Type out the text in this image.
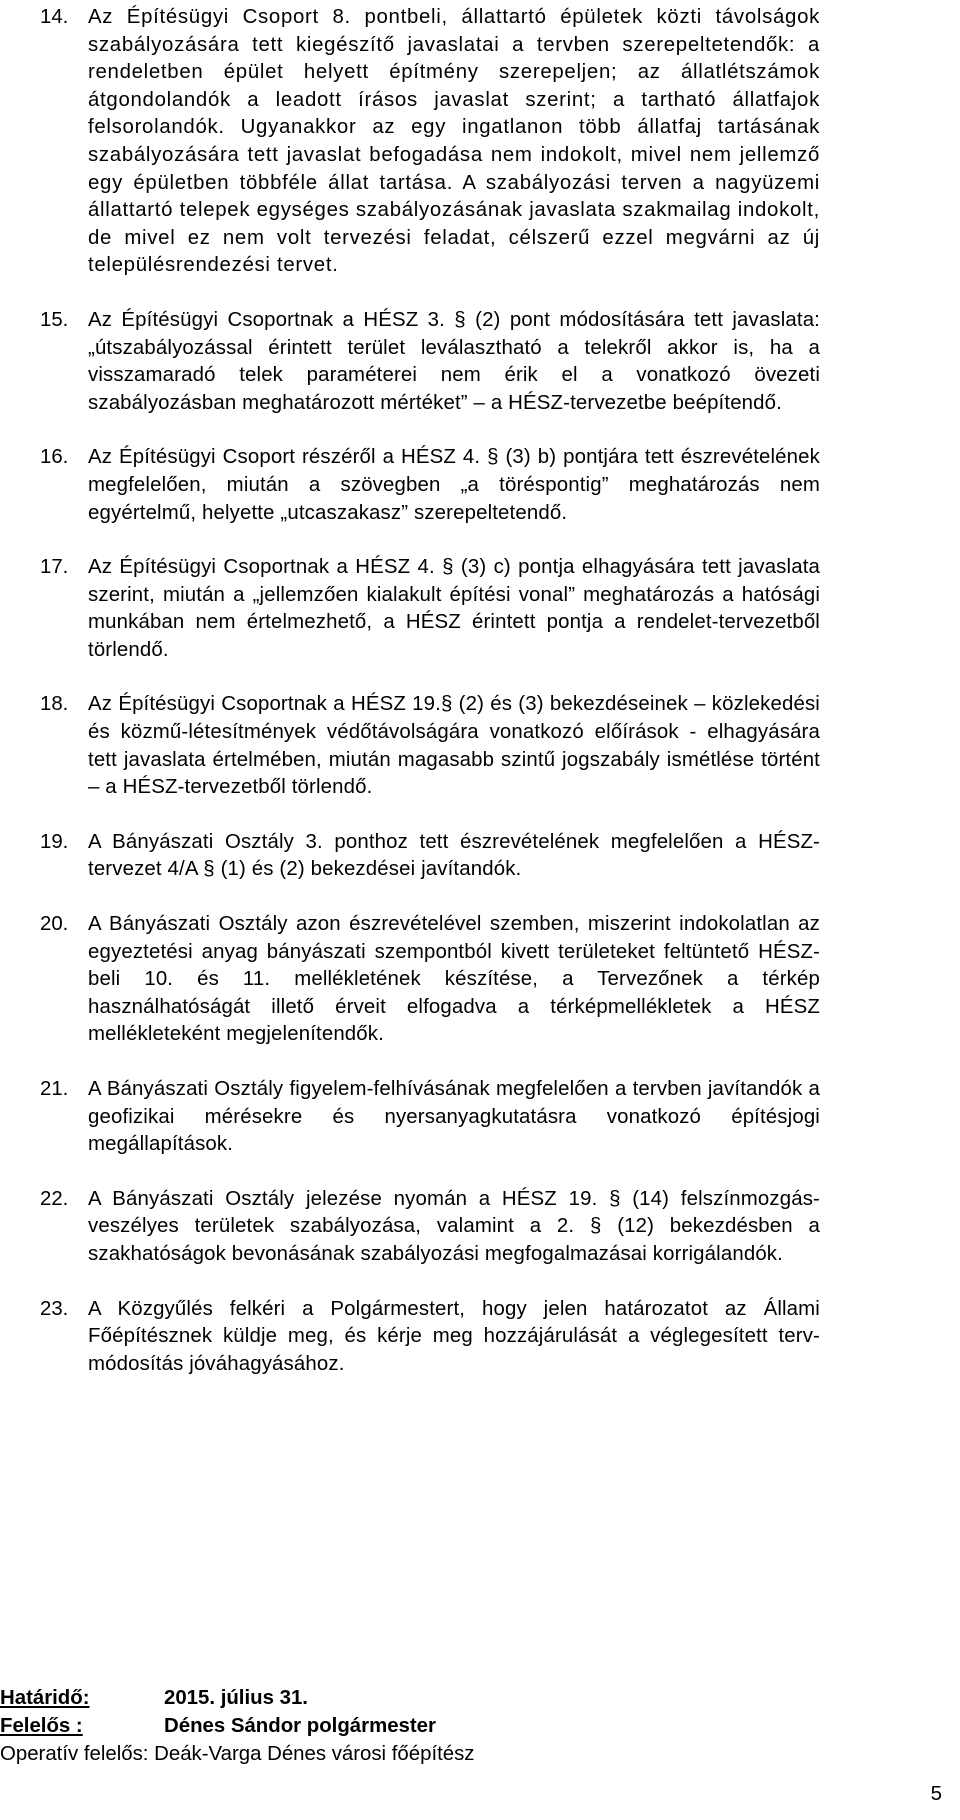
14. Az Építésügyi Csoport 8. pontbeli, állattartó épületek közti távolságok szabályozására tett kiegészítő javaslatai a tervben szerepeltetendők: a rendeletben épület helyett építmény szerepeljen; az állatlétszámok átgondolandók a leadott írásos javaslat szerint; a tartható állatfajok felsorolandók. Ugyanakkor az egy ingatlanon több állatfaj tartásának szabályozására tett javaslat befogadása nem indokolt, mivel nem jellemző egy épületben többféle állat tartása. A szabályozási terven a nagyüzemi állattartó telepek egységes szabályozásának javaslata szakmailag indokolt, de mivel ez nem volt tervezési feladat, célszerű ezzel megvárni az új településrendezési tervet.
15. Az Építésügyi Csoportnak a HÉSZ 3. § (2) pont módosítására tett javaslata: „útszabályozással érintett terület leválasztható a telekről akkor is, ha a visszamaradó telek paraméterei nem érik el a vonatkozó övezeti szabályozásban meghatározott mértéket” – a HÉSZ-tervezetbe beépítendő.
16. Az Építésügyi Csoport részéről a HÉSZ 4. § (3) b) pontjára tett észrevételének megfelelően, miután a szövegben „a töréspontig” meghatározás nem egyértelmű, helyette „utcaszakasz” szerepeltetendő.
17. Az Építésügyi Csoportnak a HÉSZ 4. § (3) c) pontja elhagyására tett javaslata szerint, miután a „jellemzően kialakult építési vonal” meghatározás a hatósági munkában nem értelmezhető, a HÉSZ érintett pontja a rendelet-tervezetből törlendő.
18. Az Építésügyi Csoportnak a HÉSZ 19.§ (2) és (3) bekezdéseinek – közlekedési és közmű-létesítmények védőtávolságára vonatkozó előírások - elhagyására tett javaslata értelmében, miután magasabb szintű jogszabály ismétlése történt – a HÉSZ-tervezetből törlendő.
19. A Bányászati Osztály 3. ponthoz tett észrevételének megfelelően a HÉSZ-tervezet 4/A § (1) és (2) bekezdései javítandók.
20. A Bányászati Osztály azon észrevételével szemben, miszerint indokolatlan az egyeztetési anyag bányászati szempontból kivett területeket feltüntető HÉSZ-beli 10. és 11. mellékletének készítése, a Tervezőnek a térkép használhatóságát illető érveit elfogadva a térképmellékletek a HÉSZ mellékleteként megjelenítendők.
21. A Bányászati Osztály figyelem-felhívásának megfelelően a tervben javítandók a geofizikai mérésekre és nyersanyagkutatásra vonatkozó építésjogi megállapítások.
22. A Bányászati Osztály jelezése nyomán a HÉSZ 19. § (14) felszínmozgás-veszélyes területek szabályozása, valamint a 2. § (12) bekezdésben a szakhatóságok bevonásának szabályozási megfogalmazásai korrigálandók.
23. A Közgyűlés felkéri a Polgármestert, hogy jelen határozatot az Állami Főépítésznek küldje meg, és kérje meg hozzájárulását a véglegesített terv-módosítás jóváhagyásához.
Határidő:	2015. július 31.
Felelős :	Dénes Sándor polgármester
Operatív felelős: Deák-Varga Dénes városi főépítész
5
